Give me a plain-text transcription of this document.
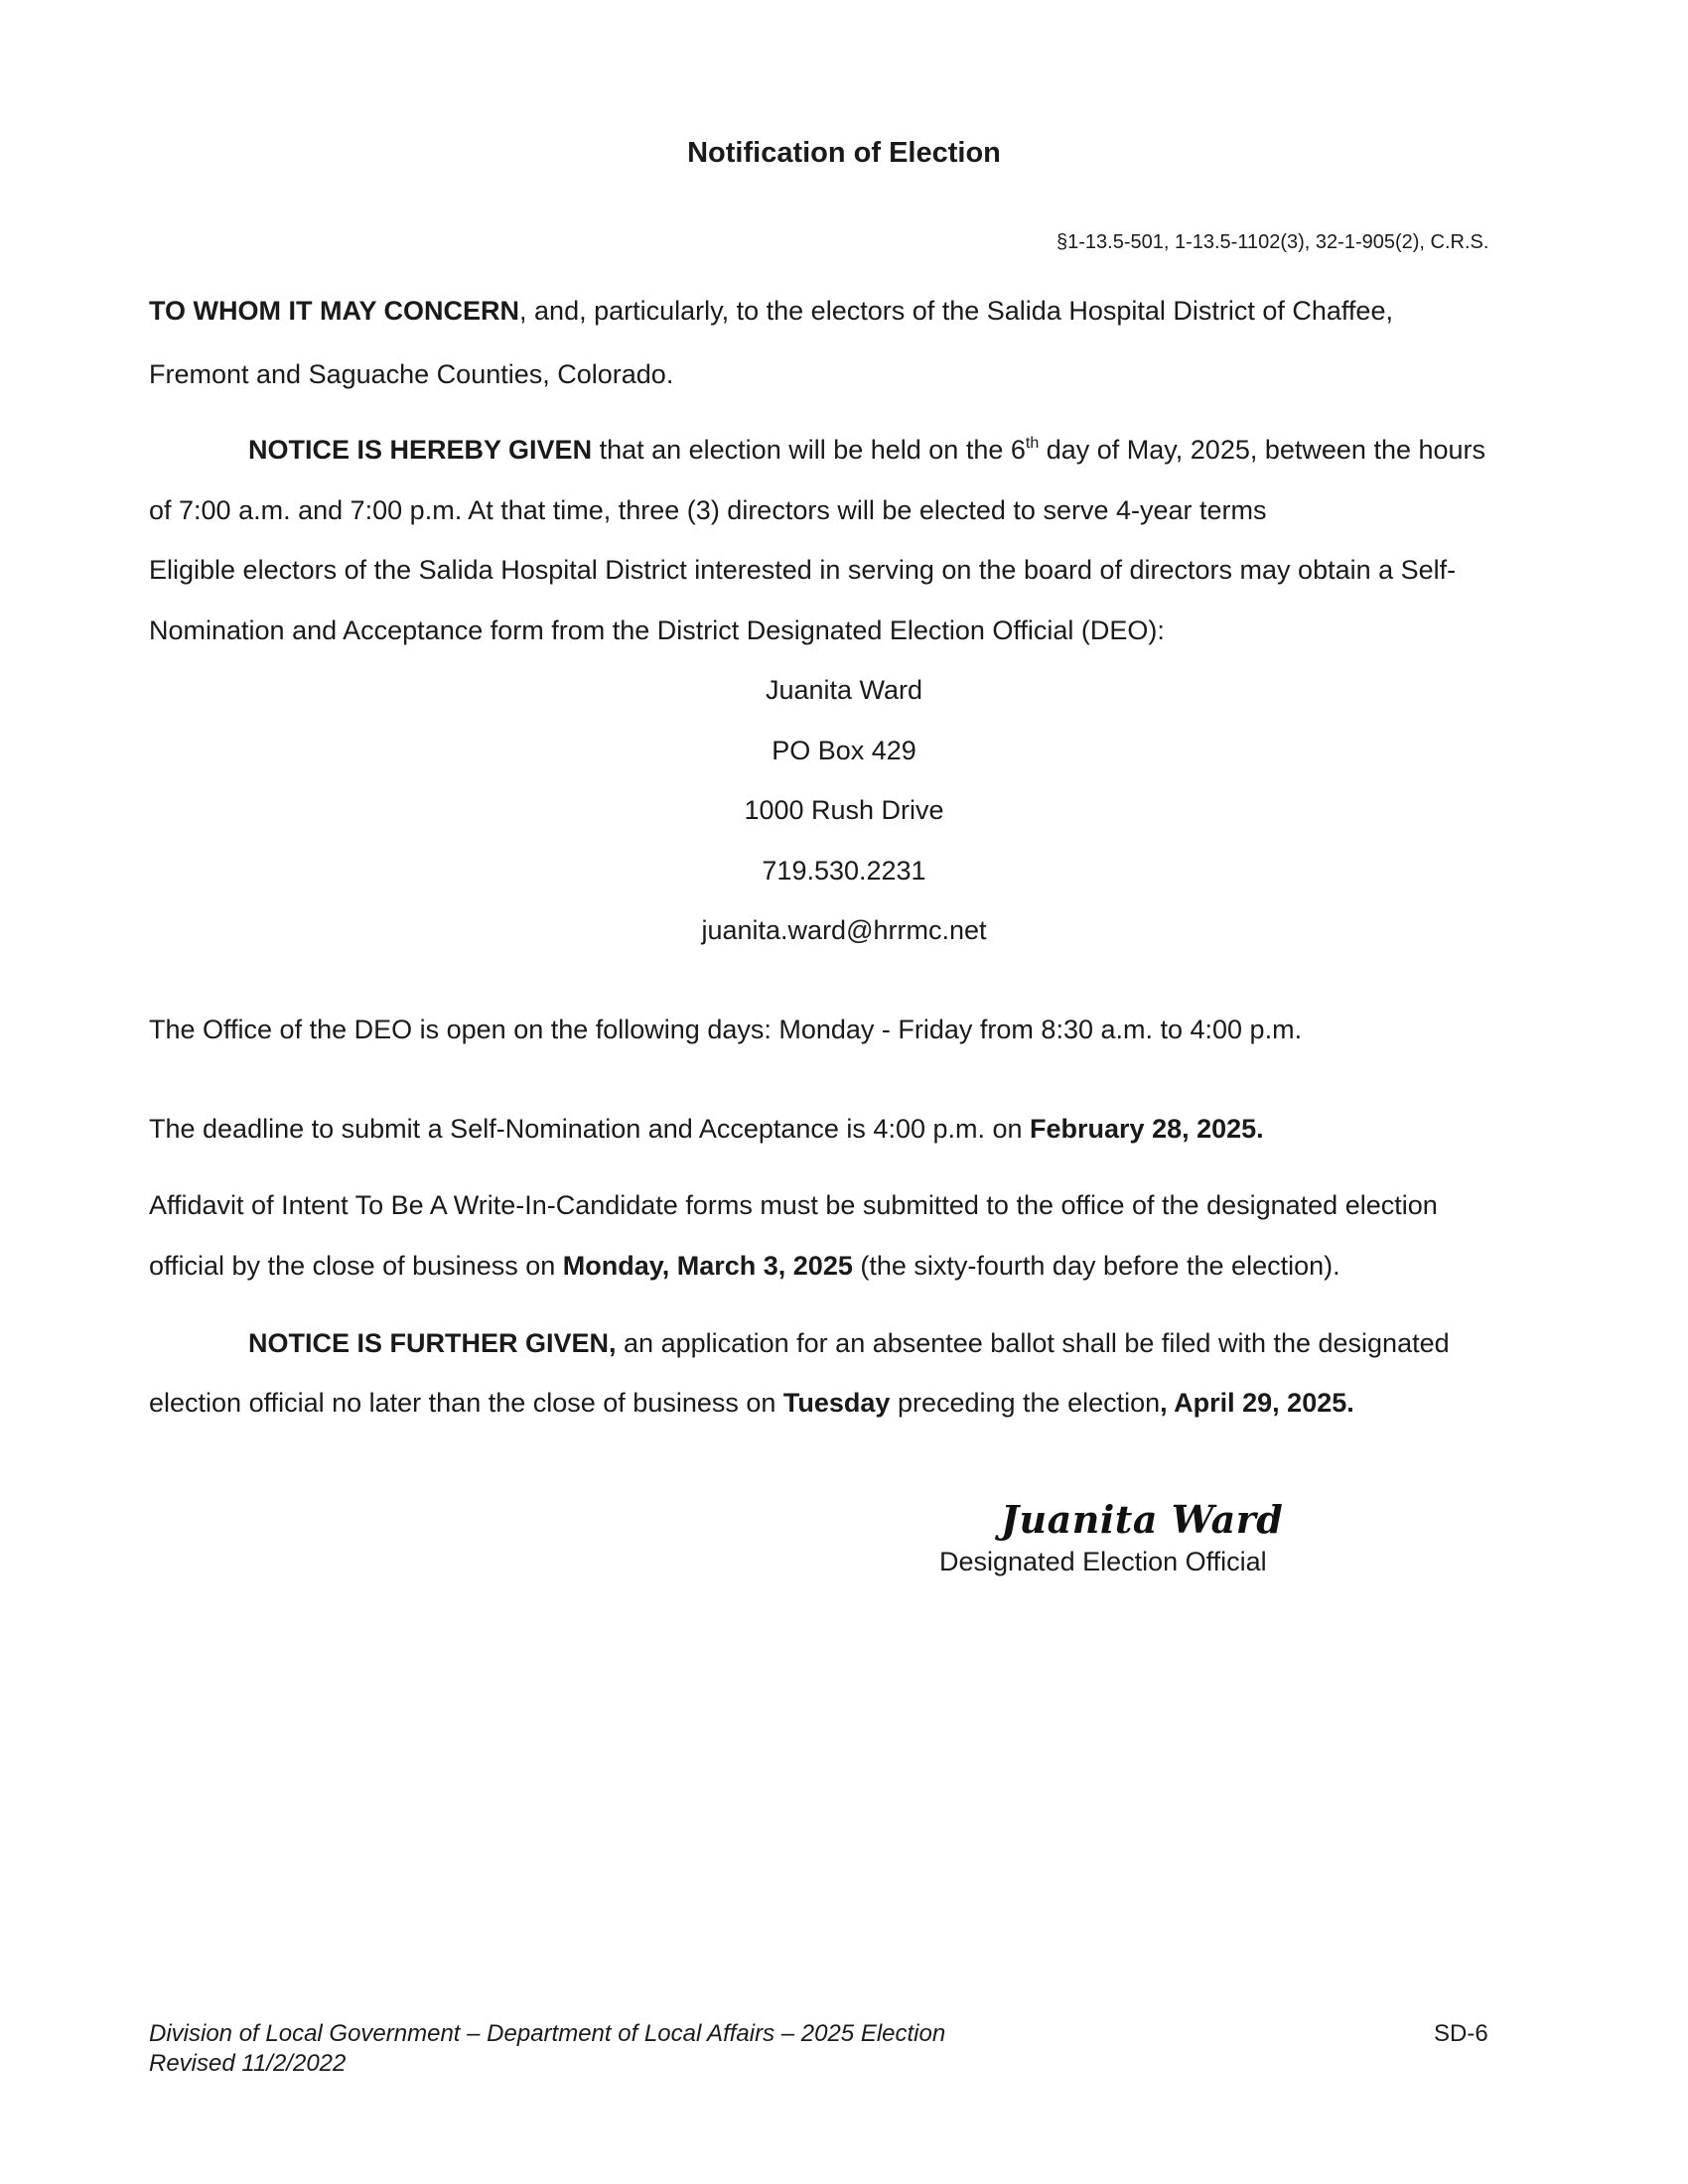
Notification of Election
§1-13.5-501, 1-13.5-1102(3), 32-1-905(2), C.R.S.
TO WHOM IT MAY CONCERN, and, particularly, to the electors of the Salida Hospital District of Chaffee,
Fremont and Saguache Counties, Colorado.
NOTICE IS HEREBY GIVEN that an election will be held on the 6th day of May, 2025, between the hours
of 7:00 a.m. and 7:00 p.m. At that time, three (3) directors will be elected to serve 4-year terms
Eligible electors of the Salida Hospital District interested in serving on the board of directors may obtain a Self-
Nomination and Acceptance form from the District Designated Election Official (DEO):
Juanita Ward
PO Box 429
1000 Rush Drive
719.530.2231
juanita.ward@hrrmc.net
The Office of the DEO is open on the following days: Monday - Friday from 8:30 a.m. to 4:00 p.m.
The deadline to submit a Self-Nomination and Acceptance is 4:00 p.m. on February 28, 2025.
Affidavit of Intent To Be A Write-In-Candidate forms must be submitted to the office of the designated election
official by the close of business on Monday, March 3, 2025 (the sixty-fourth day before the election).
NOTICE IS FURTHER GIVEN, an application for an absentee ballot shall be filed with the designated
election official no later than the close of business on Tuesday preceding the election, April 29, 2025.
Juanita Ward
Designated Election Official
Division of Local Government – Department of Local Affairs – 2025 Election
Revised 11/2/2022
SD-6
